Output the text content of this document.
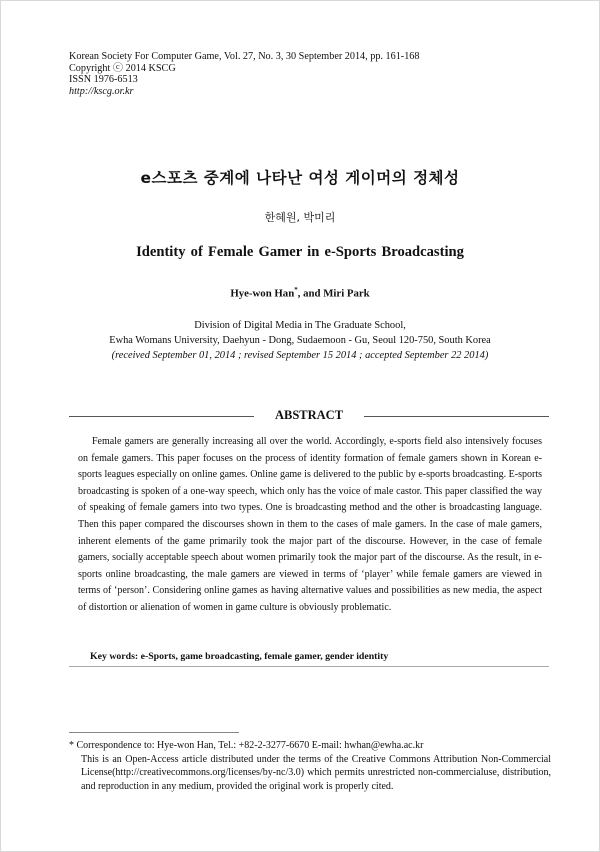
Korean Society For Computer Game, Vol. 27, No. 3, 30 September 2014, pp. 161-168
Copyright ⓒ 2014 KSCG
ISSN 1976-6513
http://kscg.or.kr
e스포츠 중계에 나타난 여성 게이머의 정체성
한혜원, 박미리
Identity of Female Gamer in e-Sports Broadcasting
Hye-won Han*, and Miri Park
Division of Digital Media in The Graduate School,
Ewha Womans University, Daehyun - Dong, Sudaemoon - Gu, Seoul 120-750, South Korea
(received September 01, 2014 ; revised September 15 2014 ; accepted September 22 2014)
ABSTRACT

Female gamers are generally increasing all over the world. Accordingly, e-sports field also intensively focuses on female gamers. This paper focuses on the process of identity formation of female gamers shown in Korean e-sports leagues especially on online games. Online game is delivered to the public by e-sports broadcasting. E-sports broadcasting is spoken of a one-way speech, which only has the voice of male castor. This paper classified the way of speaking of female gamers into two types. One is broadcasting method and the other is broadcasting language. Then this paper compared the discourses shown in them to the cases of male gamers. In the case of male gamers, inherent elements of the game primarily took the major part of the discourse. However, in the case of female gamers, socially acceptable speech about women primarily took the major part of the discourse. As the result, in e-sports online broadcasting, the male gamers are viewed in terms of ‘player’ while female gamers are viewed in terms of ‘person’. Considering online games as having alternative values and possibilities as new media, the aspect of distortion or alienation of women in game culture is obviously problematic.

Key words: e-Sports, game broadcasting, female gamer, gender identity
* Correspondence to: Hye-won Han, Tel.: +82-2-3277-6670 E-mail: hwhan@ewha.ac.kr
This is an Open-Access article distributed under the terms of the Creative Commons Attribution Non-Commercial License(http://creativecommons.org/licenses/by-nc/3.0) which permits unrestricted non-commercialuse, distribution, and reproduction in any medium, provided the original work is properly cited.
